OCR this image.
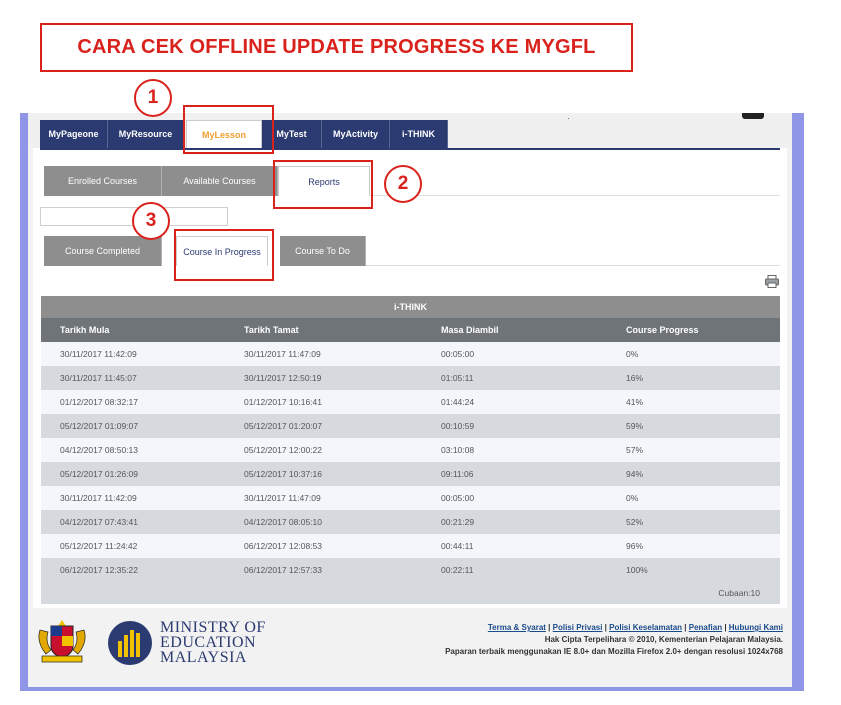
CARA CEK OFFLINE UPDATE PROGRESS KE MYGFL
·
MyPageone	MyResource	MyLesson	MyTest	MyActivity	i-THINK
Enrolled Courses	Available Courses	Reports
Course Completed	Course In Progress	Course To Do
i-THINK
Tarikh Mula	Tarikh Tamat	Masa Diambil	Course Progress
30/11/2017 11:42:09	30/11/2017 11:47:09	00:05:00	0%
30/11/2017 11:45:07	30/11/2017 12:50:19	01:05:11	16%
01/12/2017 08:32:17	01/12/2017 10:16:41	01:44:24	41%
05/12/2017 01:09:07	05/12/2017 01:20:07	00:10:59	59%
04/12/2017 08:50:13	05/12/2017 12:00:22	03:10:08	57%
05/12/2017 01:26:09	05/12/2017 10:37:16	09:11:06	94%
30/11/2017 11:42:09	30/11/2017 11:47:09	00:05:00	0%
04/12/2017 07:43:41	04/12/2017 08:05:10	00:21:29	52%
05/12/2017 11:24:42	06/12/2017 12:08:53	00:44:11	96%
06/12/2017 12:35:22	06/12/2017 12:57:33	00:22:11	100%
Cubaan:10
MINISTRY OF
EDUCATION
MALAYSIA
Terma & Syarat | Polisi Privasi | Polisi Keselamatan | Penafian | Hubungi Kami
Hak Cipta Terpelihara © 2010, Kementerian Pelajaran Malaysia.
Paparan terbaik menggunakan IE 8.0+ dan Mozilla Firefox 2.0+ dengan resolusi 1024x768
1
2
3
